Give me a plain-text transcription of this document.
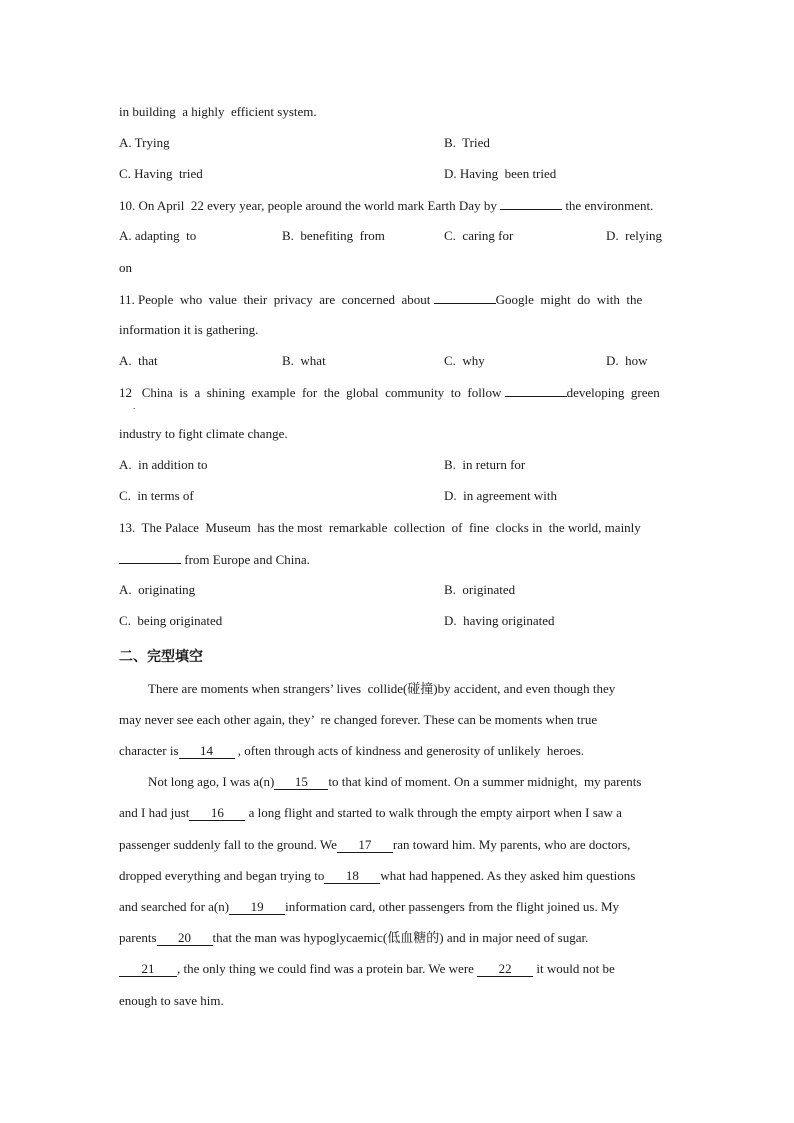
in building  a highly  efficient system.
A. Trying	B.  Tried
C. Having  tried	D. Having  been tried
10. On April  22 every year, people around the world mark Earth Day by	the environment.
A. adapting  to	B.  benefiting  from	C.  caring for	D.  relying
on
11. People  who  value  their  privacy  are  concerned  about	Google  might  do  with  the
information it is gathering.
A.  that	B.  what	C.  why	D.  how
12 China  is  a  shining  example  for  the  global  community  to  follow	developing  green
.
industry to fight climate change.
A.  in addition to	B.  in return for
C.  in terms of	D.  in agreement with
13.  The Palace  Museum  has the most  remarkable  collection  of  fine  clocks in  the world, mainly
from Europe and China.
A.  originating	B.  originated
C.  being originated	D.  having originated
二、完型填空
There are moments when strangers’ lives  collide(碰撞)by accident, and even though they
may never see each other again, they’  re changed forever. These can be moments when true
character is 14 , often through acts of kindness and generosity of unlikely  heroes.
Not long ago, I was a(n) 15 to that kind of moment. On a summer midnight,  my parents
and I had just 16 a long flight and started to walk through the empty airport when I saw a
passenger suddenly fall to the ground. We 17 ran toward him. My parents, who are doctors,
dropped everything and began trying to 18 what had happened. As they asked him questions
and searched for a(n) 19 information card, other passengers from the flight joined us. My
parents 20 that the man was hypoglycaemic(低血糖的) and in major need of sugar.
21 , the only thing we could find was a protein bar. We were 22 it would not be
enough to save him.
